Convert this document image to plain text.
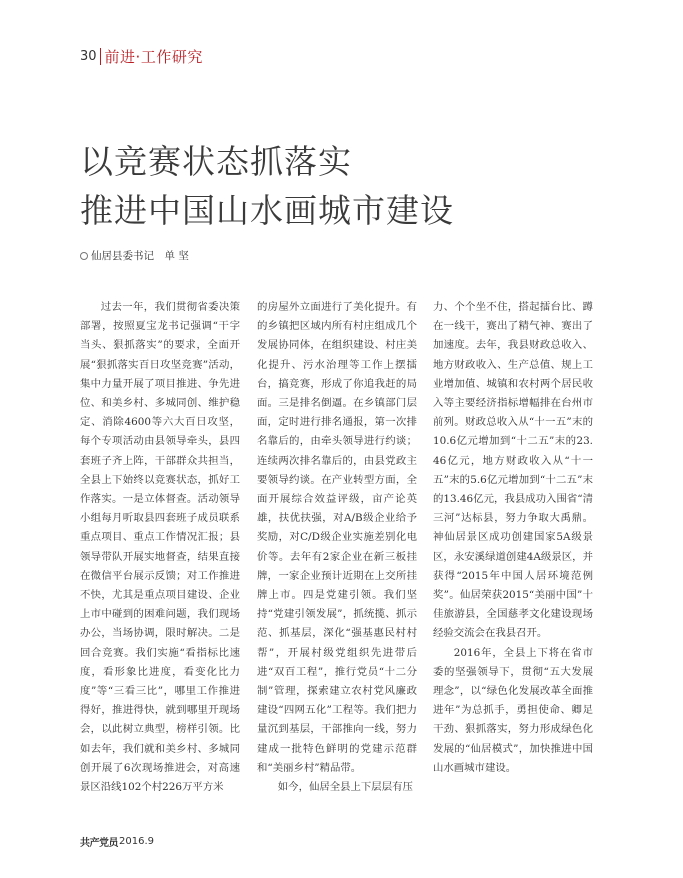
30 前进·工作研究
以竞赛状态抓落实
推进中国山水画城市建设
仙居县委书记　单 坚

过去一年，我们贯彻省委决策部署，按照夏宝龙书记强调“干字当头、狠抓落实”的要求，全面开展“狠抓落实百日攻坚竞赛”活动，集中力量开展了项目推进、争先进位、和美乡村、多城同创、维护稳定、消除4600等六大百日攻坚，每个专项活动由县领导牵头，县四套班子齐上阵，干部群众共担当，全县上下始终以竞赛状态，抓好工作落实。一是立体督查。活动领导小组每月听取县四套班子成员联系重点项目、重点工作情况汇报；县领导带队开展实地督查，结果直接在微信平台展示反馈；对工作推进不快，尤其是重点项目建设、企业上市中碰到的困难问题，我们现场办公，当场协调，限时解决。二是回合竞赛。我们实施“看指标比速度，看形象比进度，看变化比力度”等“三看三比”，哪里工作推进得好，推进得快，就到哪里开现场会，以此树立典型，榜样引领。比如去年，我们就和美乡村、多城同创开展了6次现场推进会，对高速景区沿线102个村226万平方米

的房屋外立面进行了美化提升。有的乡镇把区域内所有村庄组成几个发展协同体，在组织建设、村庄美化提升、污水治理等工作上摆擂台，搞竞赛，形成了你追我赶的局面。三是排名倒逼。在乡镇部门层面，定时进行排名通报，第一次排名靠后的，由牵头领导进行约谈；连续两次排名靠后的，由县党政主要领导约谈。在产业转型方面，全面开展综合效益评级，亩产论英雄，扶优扶强，对A/B级企业给予奖励，对C/D级企业实施差别化电价等。去年有2家企业在新三板挂牌，一家企业预计近期在上交所挂牌上市。四是党建引领。我们坚持“党建引领发展”，抓统揽、抓示范、抓基层，深化“强基惠民村村帮”，开展村级党组织先进带后进“双百工程”，推行党员“十二分制”管理，探索建立农村党风廉政建设“四网五化”工程等。我们把力量沉到基层，干部推向一线，努力建成一批特色鲜明的党建示范群和“美丽乡村”精品带。

如今，仙居全县上下层层有压

力、个个坐不住，搭起擂台比、蹲在一线干，赛出了精气神、赛出了加速度。去年，我县财政总收入、地方财政收入、生产总值、规上工业增加值、城镇和农村两个居民收入等主要经济指标增幅排在台州市前列。财政总收入从“十一五”末的10.6亿元增加到“十二五”末的23.46亿元，地方财政收入从“十一五”末的5.6亿元增加到“十二五”末的13.46亿元，我县成功入围省“清三河”达标县，努力争取大禹鼎。神仙居景区成功创建国家5A级景区，永安溪绿道创建4A级景区，并获得“2015年中国人居环境范例奖”。仙居荣获2015“美丽中国”十佳旅游县，全国慈孝文化建设现场经验交流会在我县召开。

2016年，全县上下将在省市委的坚强领导下，贯彻“五大发展理念”，以“绿色化发展改革全面推进年”为总抓手，勇担使命、卿足干劲、狠抓落实，努力形成绿色化发展的“仙居模式”，加快推进中国山水画城市建设。

共产党员 2016.9
